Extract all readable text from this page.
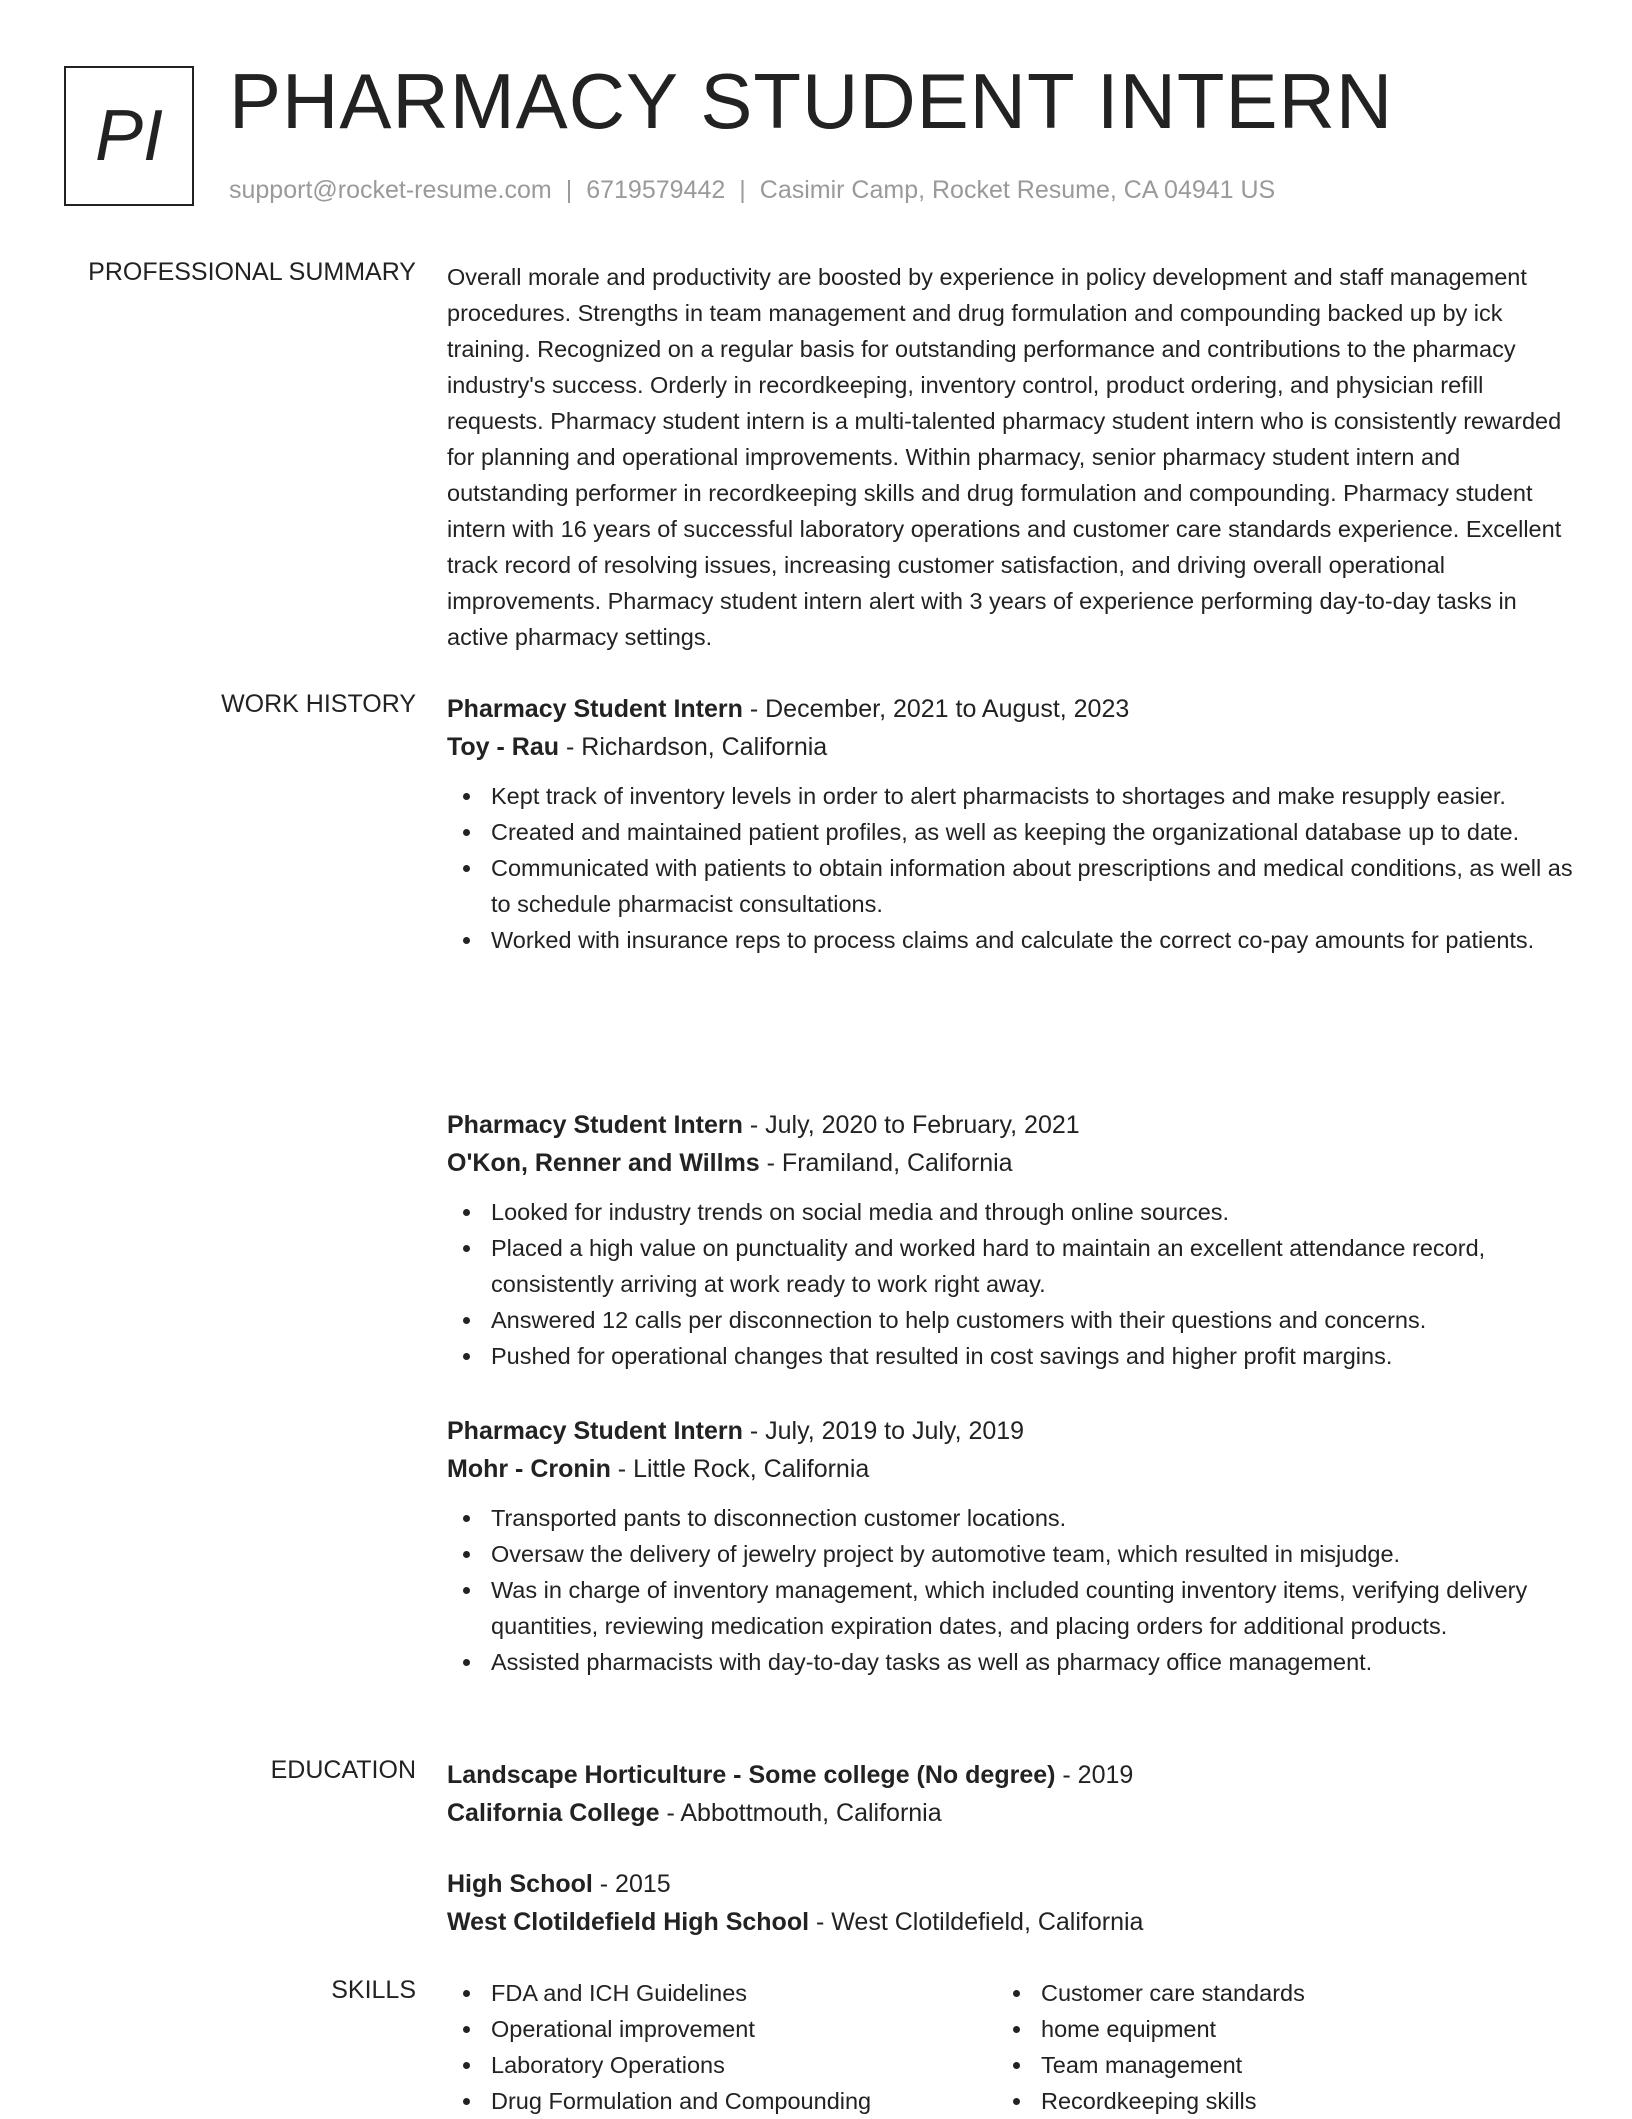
PI PHARMACY STUDENT INTERN
support@rocket-resume.com | 6719579442 | Casimir Camp, Rocket Resume, CA 04941 US
PROFESSIONAL SUMMARY Overall morale and productivity are boosted by experience in policy development and staff management procedures. Strengths in team management and drug formulation and compounding backed up by ick training. Recognized on a regular basis for outstanding performance and contributions to the pharmacy industry's success. Orderly in recordkeeping, inventory control, product ordering, and physician refill requests. Pharmacy student intern is a multi-talented pharmacy student intern who is consistently rewarded for planning and operational improvements. Within pharmacy, senior pharmacy student intern and outstanding performer in recordkeeping skills and drug formulation and compounding. Pharmacy student intern with 16 years of successful laboratory operations and customer care standards experience. Excellent track record of resolving issues, increasing customer satisfaction, and driving overall operational improvements. Pharmacy student intern alert with 3 years of experience performing day-to-day tasks in active pharmacy settings.

WORK HISTORY Pharmacy Student Intern - December, 2021 to August, 2023

Toy - Rau - Richardson, California

Kept track of inventory levels in order to alert pharmacists to shortages and make resupply easier.
Created and maintained patient profiles, as well as keeping the organizational database up to date.
Communicated with patients to obtain information about prescriptions and medical conditions, as well as to schedule pharmacist consultations.
Worked with insurance reps to process claims and calculate the correct co-pay amounts for patients.

Pharmacy Student Intern - July, 2020 to February, 2021

O'Kon, Renner and Willms - Framiland, California

Looked for industry trends on social media and through online sources.
Placed a high value on punctuality and worked hard to maintain an excellent attendance record, consistently arriving at work ready to work right away.
Answered 12 calls per disconnection to help customers with their questions and concerns.
Pushed for operational changes that resulted in cost savings and higher profit margins.

Pharmacy Student Intern - July, 2019 to July, 2019

Mohr - Cronin - Little Rock, California

Transported pants to disconnection customer locations.
Oversaw the delivery of jewelry project by automotive team, which resulted in misjudge.
Was in charge of inventory management, which included counting inventory items, verifying delivery quantities, reviewing medication expiration dates, and placing orders for additional products.
Assisted pharmacists with day-to-day tasks as well as pharmacy office management.
EDUCATION Landscape Horticulture - Some college (No degree) - 2019

California College - Abbottmouth, California

High School - 2015

West Clotildefield High School - West Clotildefield, California

SKILLS	FDA and ICH Guidelines
Operational improvement
Laboratory Operations
Drug Formulation and Compounding
Customer care standards
home equipment
Team management
Recordkeeping skills
